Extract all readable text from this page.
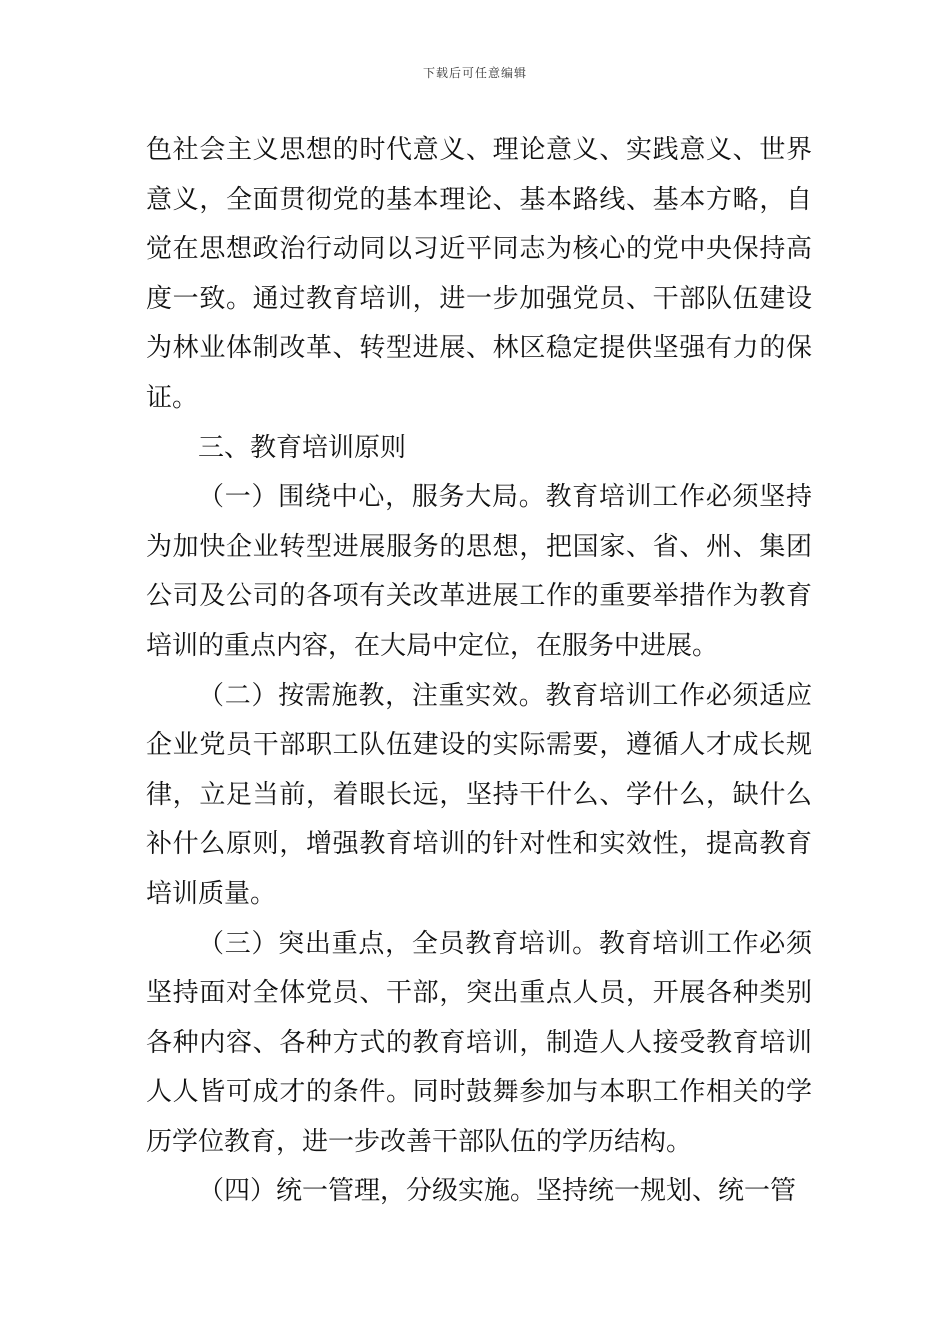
下载后可任意编辑

色社会主义思想的时代意义、理论意义、实践意义、世界意义，全面贯彻党的基本理论、基本路线、基本方略，自觉在思想政治行动同以习近平同志为核心的党中央保持高度一致。通过教育培训，进一步加强党员、干部队伍建设为林业体制改革、转型进展、林区稳定提供坚强有力的保证。

三、教育培训原则

（一）围绕中心，服务大局。教育培训工作必须坚持为加快企业转型进展服务的思想，把国家、省、州、集团公司及公司的各项有关改革进展工作的重要举措作为教育培训的重点内容，在大局中定位，在服务中进展。

（二）按需施教，注重实效。教育培训工作必须适应企业党员干部职工队伍建设的实际需要，遵循人才成长规律，立足当前，着眼长远，坚持干什么、学什么，缺什么补什么原则，增强教育培训的针对性和实效性，提高教育培训质量。

（三）突出重点，全员教育培训。教育培训工作必须坚持面对全体党员、干部，突出重点人员，开展各种类别各种内容、各种方式的教育培训，制造人人接受教育培训人人皆可成才的条件。同时鼓舞参加与本职工作相关的学历学位教育，进一步改善干部队伍的学历结构。

（四）统一管理，分级实施。坚持统一规划、统一管
